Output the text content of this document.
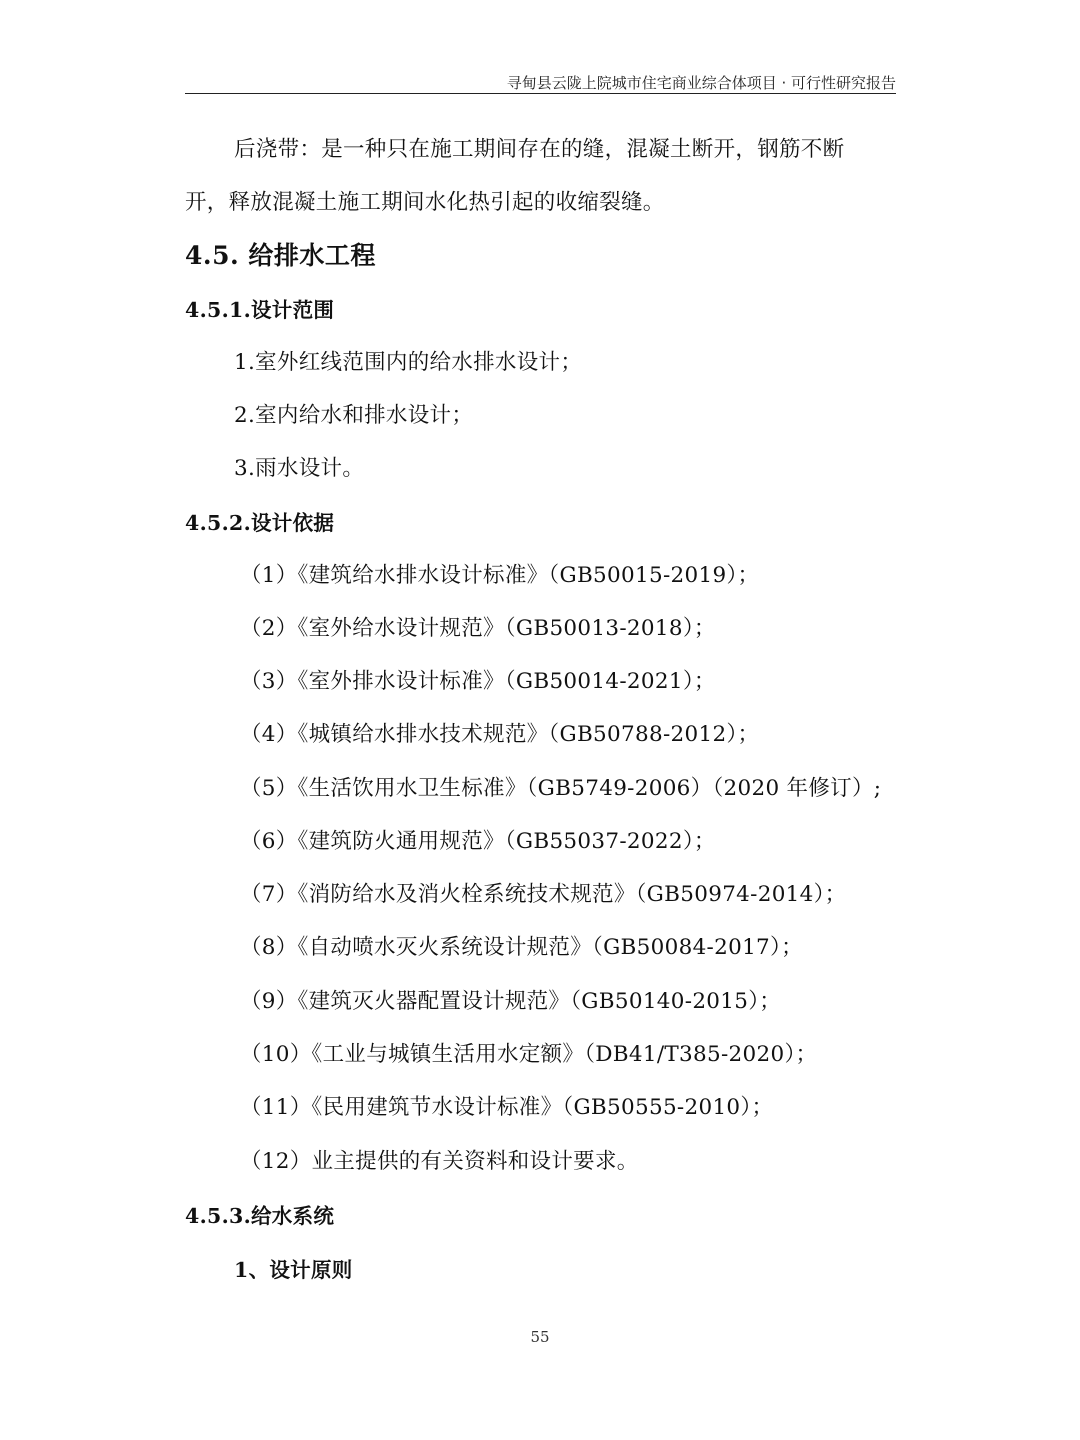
寻甸县云陇上院城市住宅商业综合体项目 · 可行性研究报告
后浇带：是一种只在施工期间存在的缝，混凝土断开，钢筋不断
开，释放混凝土施工期间水化热引起的收缩裂缝。
4.5. 给排水工程
4.5.1.设计范围
1.室外红线范围内的给水排水设计；
2.室内给水和排水设计；
3.雨水设计。
4.5.2.设计依据
（1）《建筑给水排水设计标准》（GB50015-2019）；
（2）《室外给水设计规范》（GB50013-2018）；
（3）《室外排水设计标准》（GB50014-2021）；
（4）《城镇给水排水技术规范》（GB50788-2012）；
（5）《生活饮用水卫生标准》（GB5749-2006）（2020 年修订）;
（6）《建筑防火通用规范》（GB55037-2022）；
（7）《消防给水及消火栓系统技术规范》（GB50974-2014）；
（8）《自动喷水灭火系统设计规范》（GB50084-2017）；
（9）《建筑灭火器配置设计规范》（GB50140-2015）；
（10）《工业与城镇生活用水定额》（DB41/T385-2020）；
（11）《民用建筑节水设计标准》（GB50555-2010）；
（12）业主提供的有关资料和设计要求。
4.5.3.给水系统
1、设计原则
55
